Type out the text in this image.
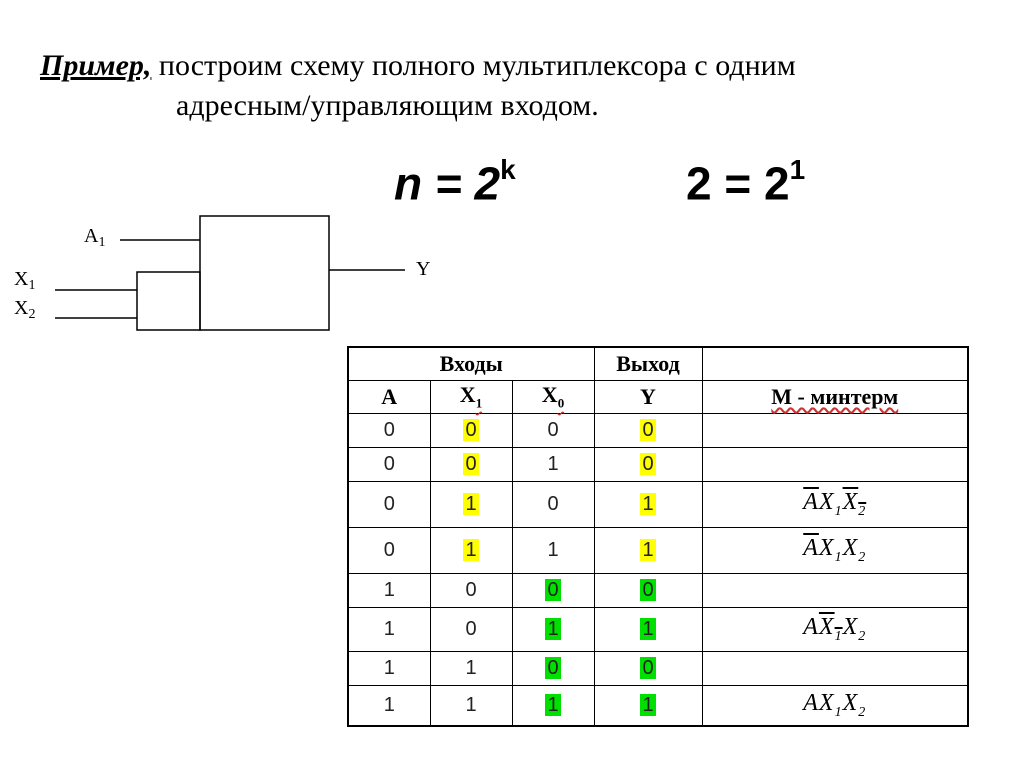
Пример, построим схему полного мультиплексора с одним
адресным/управляющим входом.
$n = 2^k$	$2 = 2^1$
$A_1$
$X_1$
$X_2$
Y
Входы			Выход	
A	$X_1$	$X_0$	Y	M - минтерм
0	0	0	0	
0	0	1	0	
0	1	0	1	$\overline{A}X_1X_2$
0	1	1	1	$\overline{A}X_1X_2$
1	0	0	0	
1	0	1	1	$AX_1X_2$
1	1	0	0	
1	1	1	1	$AX_1X_2$
